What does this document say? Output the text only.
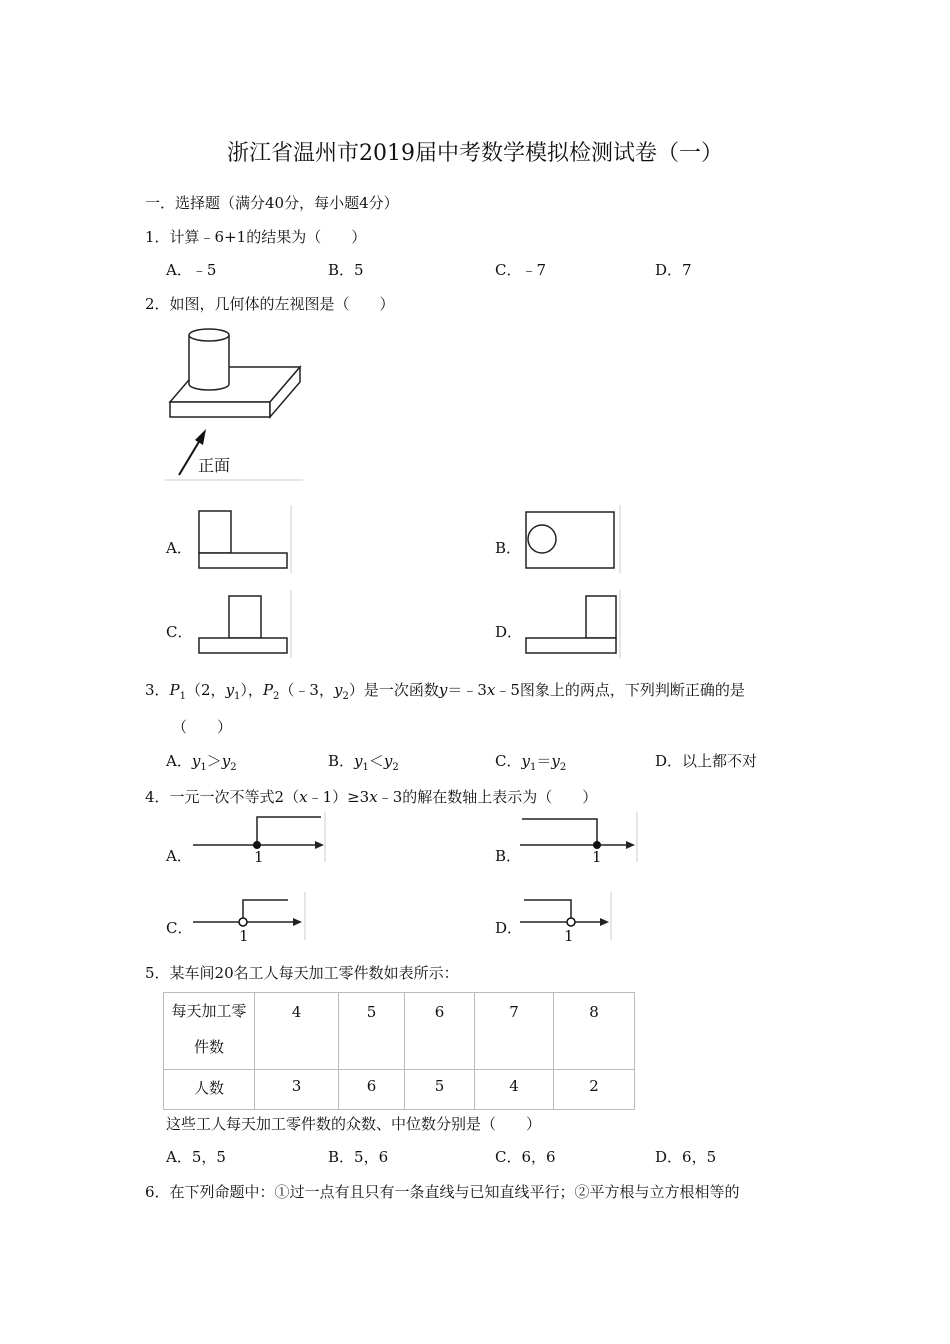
浙江省温州市2019届中考数学模拟检测试卷（一）
一．选择题（满分40分，每小题4分）
1．计算﹣6+1的结果为（　　）
A．﹣5	B．5	C．﹣7	D．7
2．如图，几何体的左视图是（　　）
正面
A．	B．
C．	D．
3．$P_1(2$，$y_1$），$P_2(﹣3$，$y_2$）是一次函数y＝﹣3x﹣5图象上的两点，下列判断正确的是
（　　）
A．$y_1>y_2$	B．$y_1<y_2$	C．$y_1=y_2$	D．以上都不对
4．一元一次不等式2（x﹣1）≥3x﹣3的解在数轴上表示为（　　）
A．	1	B．	1
C．	1	D．	1
5．某车间20名工人每天加工零件数如表所示：
每天加工零件数	4	5	6	7	8
人数	3	6	5	4	2
这些工人每天加工零件数的众数、中位数分别是（　　）
A．5，5	B．5，6	C．6，6	D．6，5
6．在下列命题中：①过一点有且只有一条直线与已知直线平行；②平方根与立方根相等的
